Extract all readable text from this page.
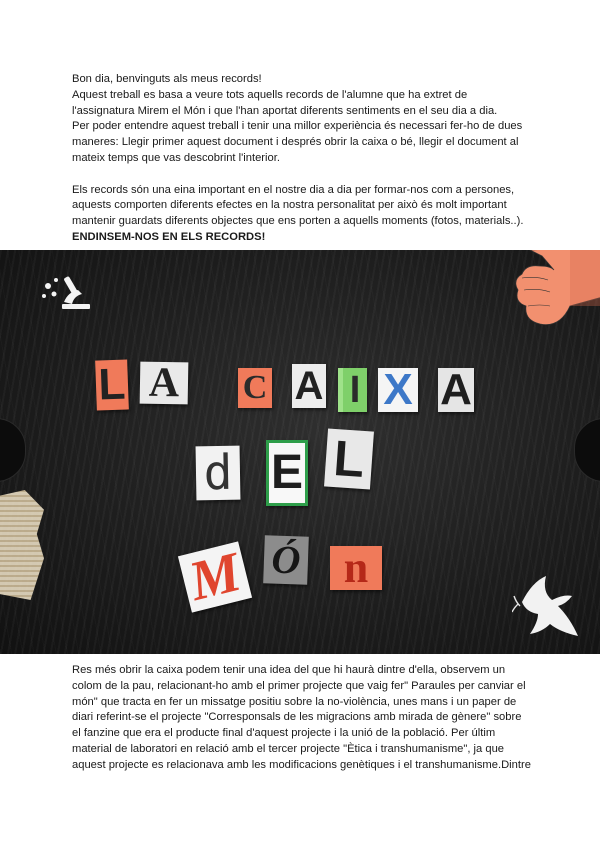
Bon dia, benvinguts als meus records!

Aquest treball es basa a veure tots aquells records de l'alumne que ha extret de

l'assignatura Mirem el Món i que l'han aportat diferents sentiments en el seu dia a dia.

Per poder entendre aquest treball i tenir una millor experiència és necessari fer-ho de dues

maneres: Llegir primer aquest document i després obrir la caixa o bé, llegir el document al

mateix temps que vas descobrint l'interior.

Els records són una eina important en el nostre dia a dia per formar-nos com a persones,

aquests comporten diferents efectes en la nostra personalitat per això és molt important

mantenir guardats diferents objectes que ens porten a aquells moments (fotos, materials..).

ENDINSEM-NOS EN ELS RECORDS!

L A C A I X A
d E L
M Ó n

Res més obrir la caixa podem tenir una idea del que hi haurà dintre d'ella, observem un

colom de la pau, relacionant-ho amb el primer projecte que vaig fer" Paraules per canviar el

món" que tracta en fer un missatge positiu sobre la no-violència, unes mans i un paper de

diari referint-se el projecte "Corresponsals de les migracions amb mirada de gènere" sobre

el fanzine que era el producte final d'aquest projecte i la unió de la població. Per últim

material de laboratori en relació amb el tercer projecte "Ètica i transhumanisme", ja que

aquest projecte es relacionava amb les modificacions genètiques i el transhumanisme.Dintre
